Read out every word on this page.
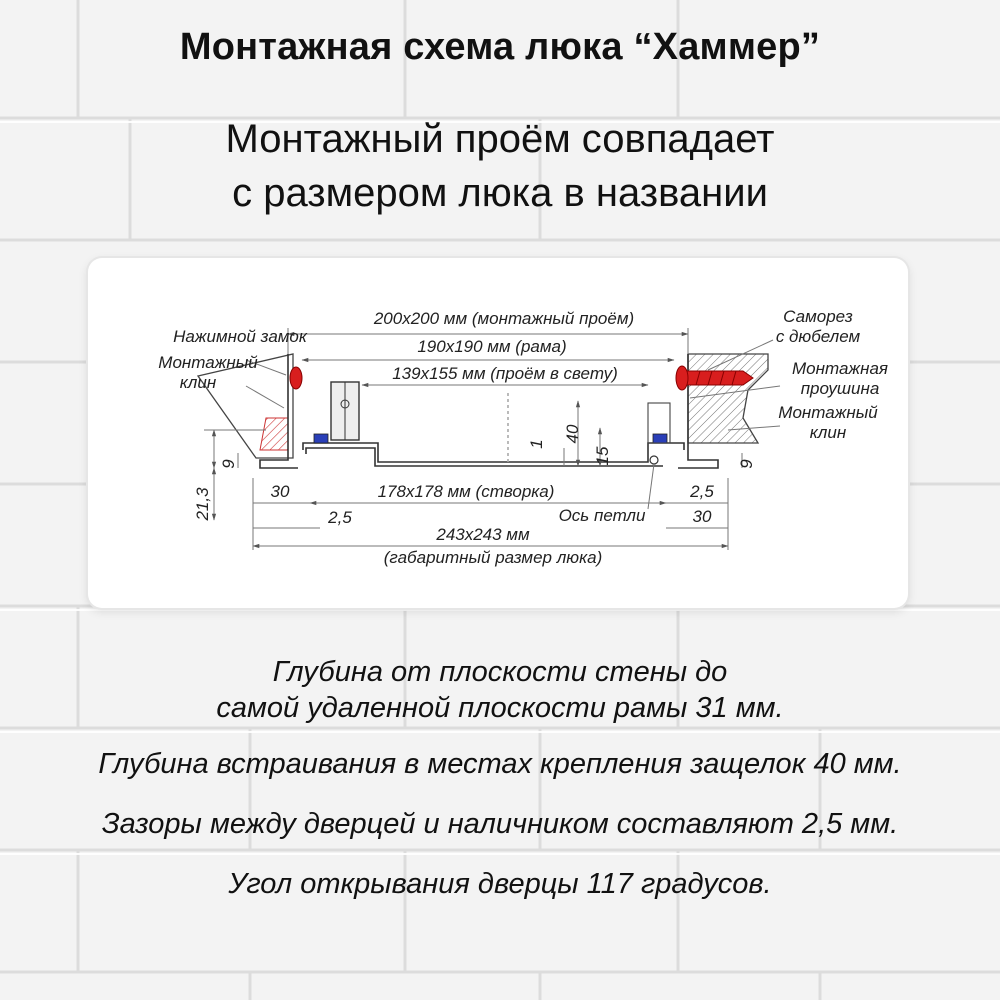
Монтажная схема люка “Хаммер”
Монтажный проём совпадает
с размером люка в названии
Нажимной замок
Монтажный
клин
Саморез
с дюбелем
Монтажная
проушина
Монтажный
клин
200х200 мм (монтажный проём)
190х190 мм (рама)
139х155 мм (проём в свету)
178х178 мм (створка)
243х243 мм
(габаритный размер люка)
30	2,5
2,5	30
Ось петли
40
1
15
9	9
21,3
Глубина от плоскости стены до
самой удаленной плоскости рамы 31 мм.
Глубина встраивания в местах крепления защелок 40 мм.
Зазоры между дверцей и наличником составляют 2,5 мм.
Угол открывания дверцы 117 градусов.
